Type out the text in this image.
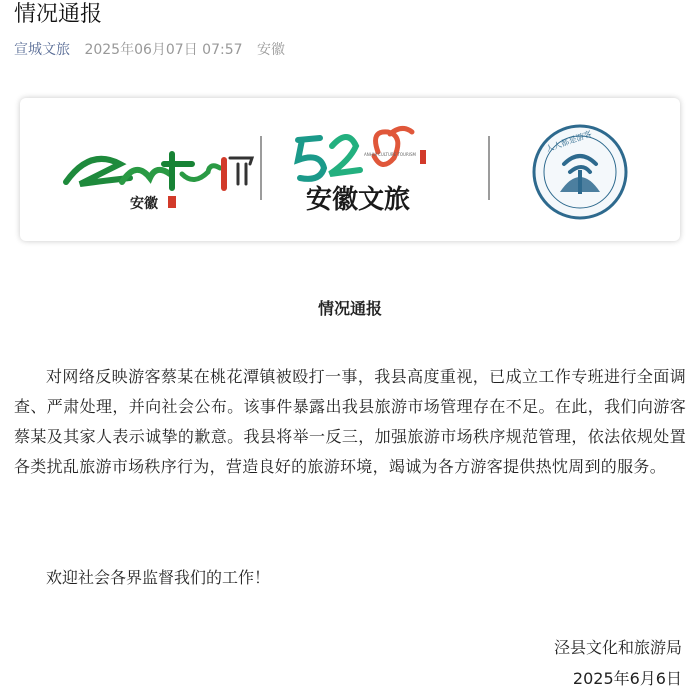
情况通报
宣城文旅 2025年06月07日 07:57 安徽
安徽
ANHUI CULTURE TOURISM
安徽文旅
人人都是游客
情况通报

对网络反映游客蔡某在桃花潭镇被殴打一事，我县高度重视，已成立工作专班进行全面调查、严肃处理，并向社会公布。该事件暴露出我县旅游市场管理存在不足。在此，我们向游客蔡某及其家人表示诚挚的歉意。我县将举一反三，加强旅游市场秩序规范管理，依法依规处置各类扰乱旅游市场秩序行为，营造良好的旅游环境，竭诚为各方游客提供热忱周到的服务。

欢迎社会各界监督我们的工作！

泾县文化和旅游局
2025年6月6日
